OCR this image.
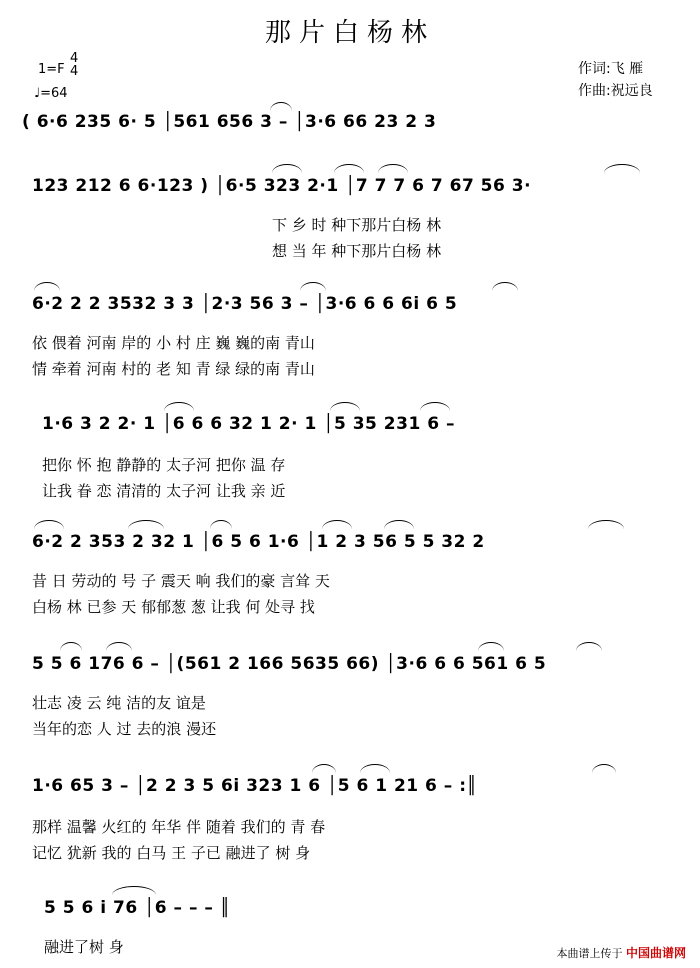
那片白杨林
1=F
4
4
♩=64
作词:飞 雁
作曲:祝远良
( 6·6 235 6· 5 │561 656 3 – │3·6 66 23 2 3
123 212 6 6·123 ) │6·5 323 2·1 │7 7 7 6 7 67 56 3·
下 乡 时 种下那片白杨 林
想 当 年 种下那片白杨 林
6·2 2 2 3532 3 3 │2·3 56 3 – │3·6 6 6 6i 6 5
依 偎着 河南 岸的 小 村 庄 巍 巍的南 青山
情 牵着 河南 村的 老 知 青 绿 绿的南 青山
1·6 3 2 2· 1 │6 6 6 32 1 2· 1 │5 35 231 6 –
把你 怀 抱 静静的 太子河 把你 温 存
让我 眷 恋 清清的 太子河 让我 亲 近
6·2 2 353 2 32 1 │6 5 6 1·6 │1 2 3 56 5 5 32 2
昔 日 劳动的 号 子 震天 响 我们的豪 言耸 天
白杨 林 已参 天 郁郁葱 葱 让我 何 处寻 找
5 5 6 176 6 – │(561 2 166 5635 66) │3·6 6 6 561 6 5
壮志 凌 云 纯 洁的友 谊是
当年的恋 人 过 去的浪 漫还
1·6 65 3 – │2 2 3 5 6i 323 1 6 │5 6 1 21 6 – :║
那样 温馨 火红的 年华 伴 随着 我们的 青 春
记忆 犹新 我的 白马 王 子已 融进了 树 身
5 5 6 i 76 │6 – – – ║
融进了树 身	本曲谱上传于 中国曲谱网
